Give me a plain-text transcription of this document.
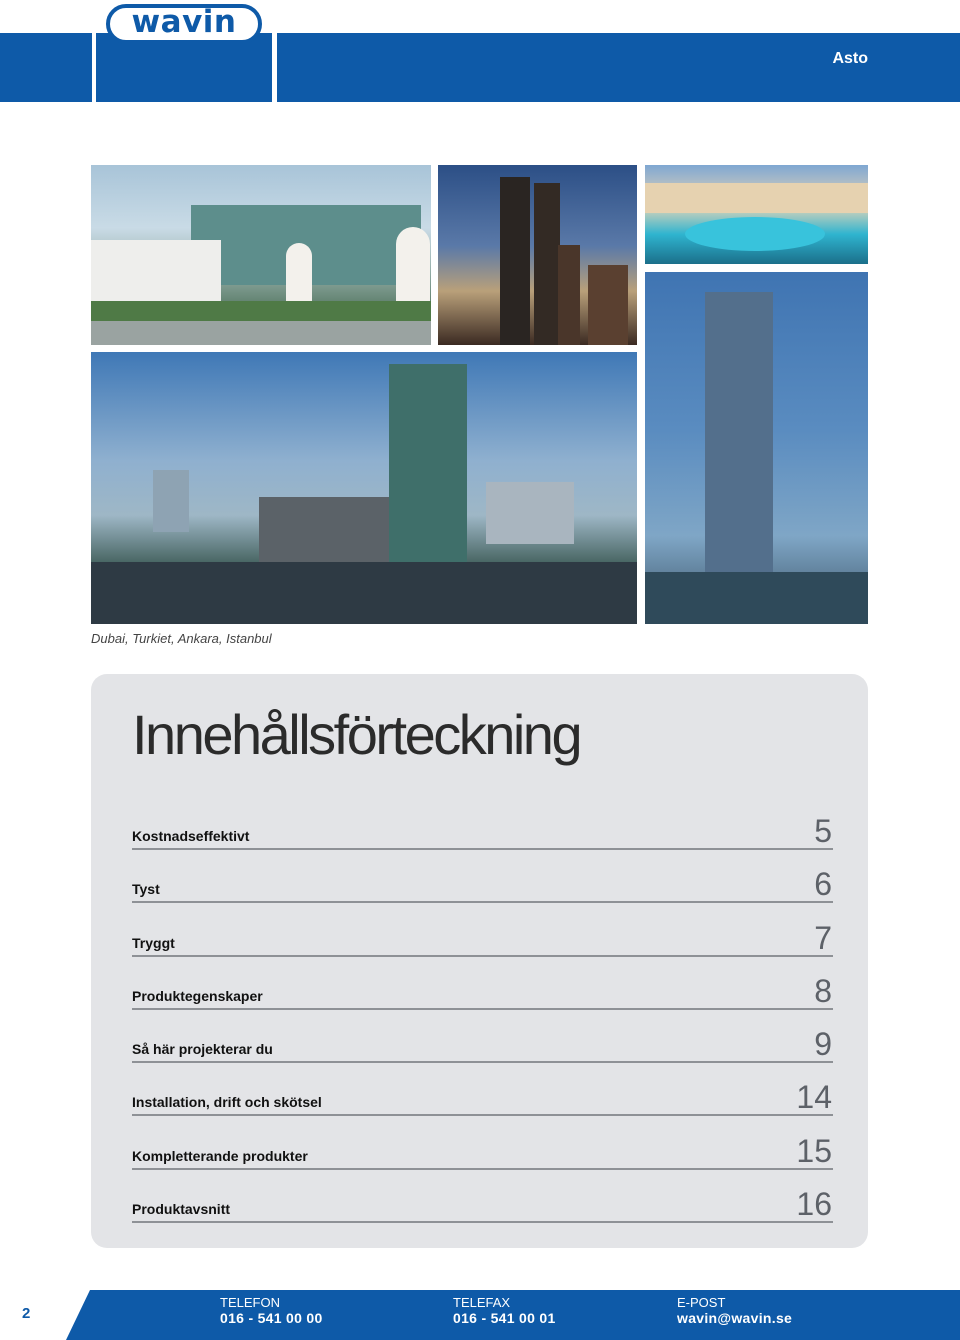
wavin
Asto
Dubai, Turkiet, Ankara, Istanbul
Innehållsförteckning
Kostnadseffektivt	5
Tyst	6
Tryggt	7
Produktegenskaper	8
Så här projekterar du	9
Installation, drift och skötsel	14
Kompletterande produkter	15
Produktavsnitt	16
2
TELEFON
016 - 541 00 00
TELEFAX
016 - 541 00 01
E-POST
wavin@wavin.se
